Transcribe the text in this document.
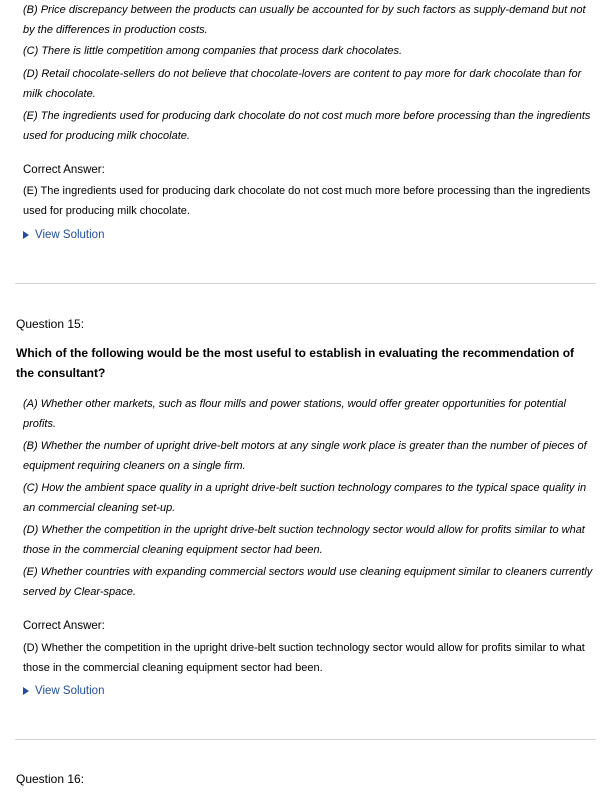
(B) Price discrepancy between the products can usually be accounted for by such factors as supply-demand but not by the differences in production costs.
(C) There is little competition among companies that process dark chocolates.
(D) Retail chocolate-sellers do not believe that chocolate-lovers are content to pay more for dark chocolate than for milk chocolate.
(E) The ingredients used for producing dark chocolate do not cost much more before processing than the ingredients used for producing milk chocolate.
Correct Answer:
(E) The ingredients used for producing dark chocolate do not cost much more before processing than the ingredients used for producing milk chocolate.
View Solution
Question 15:
Which of the following would be the most useful to establish in evaluating the recommendation of the consultant?
(A) Whether other markets, such as flour mills and power stations, would offer greater opportunities for potential profits.
(B) Whether the number of upright drive-belt motors at any single work place is greater than the number of pieces of equipment requiring cleaners on a single firm.
(C) How the ambient space quality in a upright drive-belt suction technology compares to the typical space quality in an commercial cleaning set-up.
(D) Whether the competition in the upright drive-belt suction technology sector would allow for profits similar to what those in the commercial cleaning equipment sector had been.
(E) Whether countries with expanding commercial sectors would use cleaning equipment similar to cleaners currently served by Clear-space.
Correct Answer:
(D) Whether the competition in the upright drive-belt suction technology sector would allow for profits similar to what those in the commercial cleaning equipment sector had been.
View Solution
Question 16:
